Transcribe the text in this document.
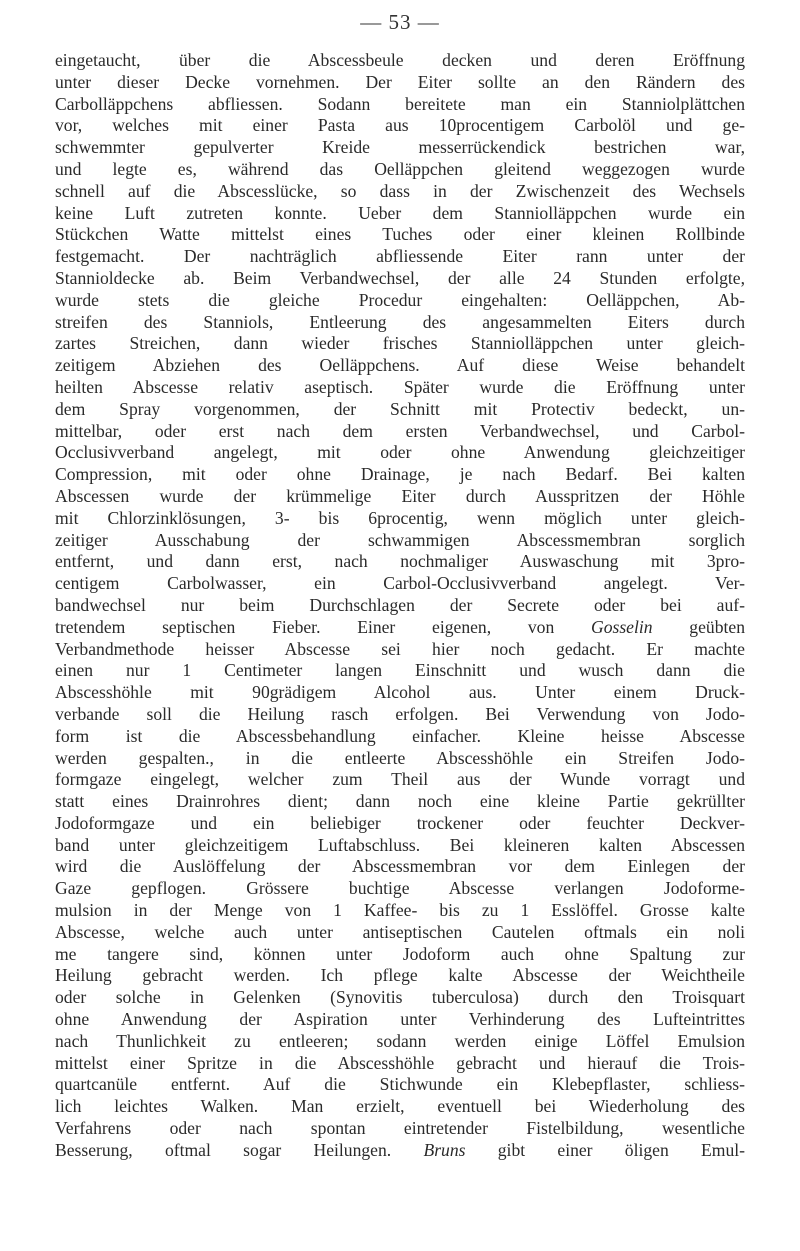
— 53 —
eingetaucht, über die Abscessbeule decken und deren Eröffnung
unter dieser Decke vornehmen. Der Eiter sollte an den Rändern des
Carbolläppchens abfliessen. Sodann bereitete man ein Stanniolplättchen
vor, welches mit einer Pasta aus 10procentigem Carbolöl und ge-
schwemmter gepulverter Kreide messerrückendick bestrichen war,
und legte es, während das Oelläppchen gleitend weggezogen wurde
schnell auf die Abscesslücke, so dass in der Zwischenzeit des Wechsels
keine Luft zutreten konnte. Ueber dem Stanniolläppchen wurde ein
Stückchen Watte mittelst eines Tuches oder einer kleinen Rollbinde
festgemacht. Der nachträglich abfliessende Eiter rann unter der
Stannioldecke ab. Beim Verbandwechsel, der alle 24 Stunden erfolgte,
wurde stets die gleiche Procedur eingehalten: Oelläppchen, Ab-
streifen des Stanniols, Entleerung des angesammelten Eiters durch
zartes Streichen, dann wieder frisches Stanniolläppchen unter gleich-
zeitigem Abziehen des Oelläppchens. Auf diese Weise behandelt
heilten Abscesse relativ aseptisch. Später wurde die Eröffnung unter
dem Spray vorgenommen, der Schnitt mit Protectiv bedeckt, un-
mittelbar, oder erst nach dem ersten Verbandwechsel, und Carbol-
Occlusivverband angelegt, mit oder ohne Anwendung gleichzeitiger
Compression, mit oder ohne Drainage, je nach Bedarf. Bei kalten
Abscessen wurde der krümmelige Eiter durch Ausspritzen der Höhle
mit Chlorzinklösungen, 3- bis 6procentig, wenn möglich unter gleich-
zeitiger Ausschabung der schwammigen Abscessmembran sorglich
entfernt, und dann erst, nach nochmaliger Auswaschung mit 3pro-
centigem Carbolwasser, ein Carbol-Occlusivverband angelegt. Ver-
bandwechsel nur beim Durchschlagen der Secrete oder bei auf-
tretendem septischen Fieber. Einer eigenen, von Gosselin geübten
Verbandmethode heisser Abscesse sei hier noch gedacht. Er machte
einen nur 1 Centimeter langen Einschnitt und wusch dann die
Abscesshöhle mit 90grädigem Alcohol aus. Unter einem Druck-
verbande soll die Heilung rasch erfolgen. Bei Verwendung von Jodo-
form ist die Abscessbehandlung einfacher. Kleine heisse Abscesse
werden gespalten., in die entleerte Abscesshöhle ein Streifen Jodo-
formgaze eingelegt, welcher zum Theil aus der Wunde vorragt und
statt eines Drainrohres dient; dann noch eine kleine Partie gekrüllter
Jodoformgaze und ein beliebiger trockener oder feuchter Deckver-
band unter gleichzeitigem Luftabschluss. Bei kleineren kalten Abscessen
wird die Auslöffelung der Abscessmembran vor dem Einlegen der
Gaze gepflogen. Grössere buchtige Abscesse verlangen Jodoforme-
mulsion in der Menge von 1 Kaffee- bis zu 1 Esslöffel. Grosse kalte
Abscesse, welche auch unter antiseptischen Cautelen oftmals ein noli
me tangere sind, können unter Jodoform auch ohne Spaltung zur
Heilung gebracht werden. Ich pflege kalte Abscesse der Weichtheile
oder solche in Gelenken (Synovitis tuberculosa) durch den Troisquart
ohne Anwendung der Aspiration unter Verhinderung des Lufteintrittes
nach Thunlichkeit zu entleeren; sodann werden einige Löffel Emulsion
mittelst einer Spritze in die Abscesshöhle gebracht und hierauf die Trois-
quartcanüle entfernt. Auf die Stichwunde ein Klebepflaster, schliess-
lich leichtes Walken. Man erzielt, eventuell bei Wiederholung des
Verfahrens oder nach spontan eintretender Fistelbildung, wesentliche
Besserung, oftmal sogar Heilungen. Bruns gibt einer öligen Emul-
